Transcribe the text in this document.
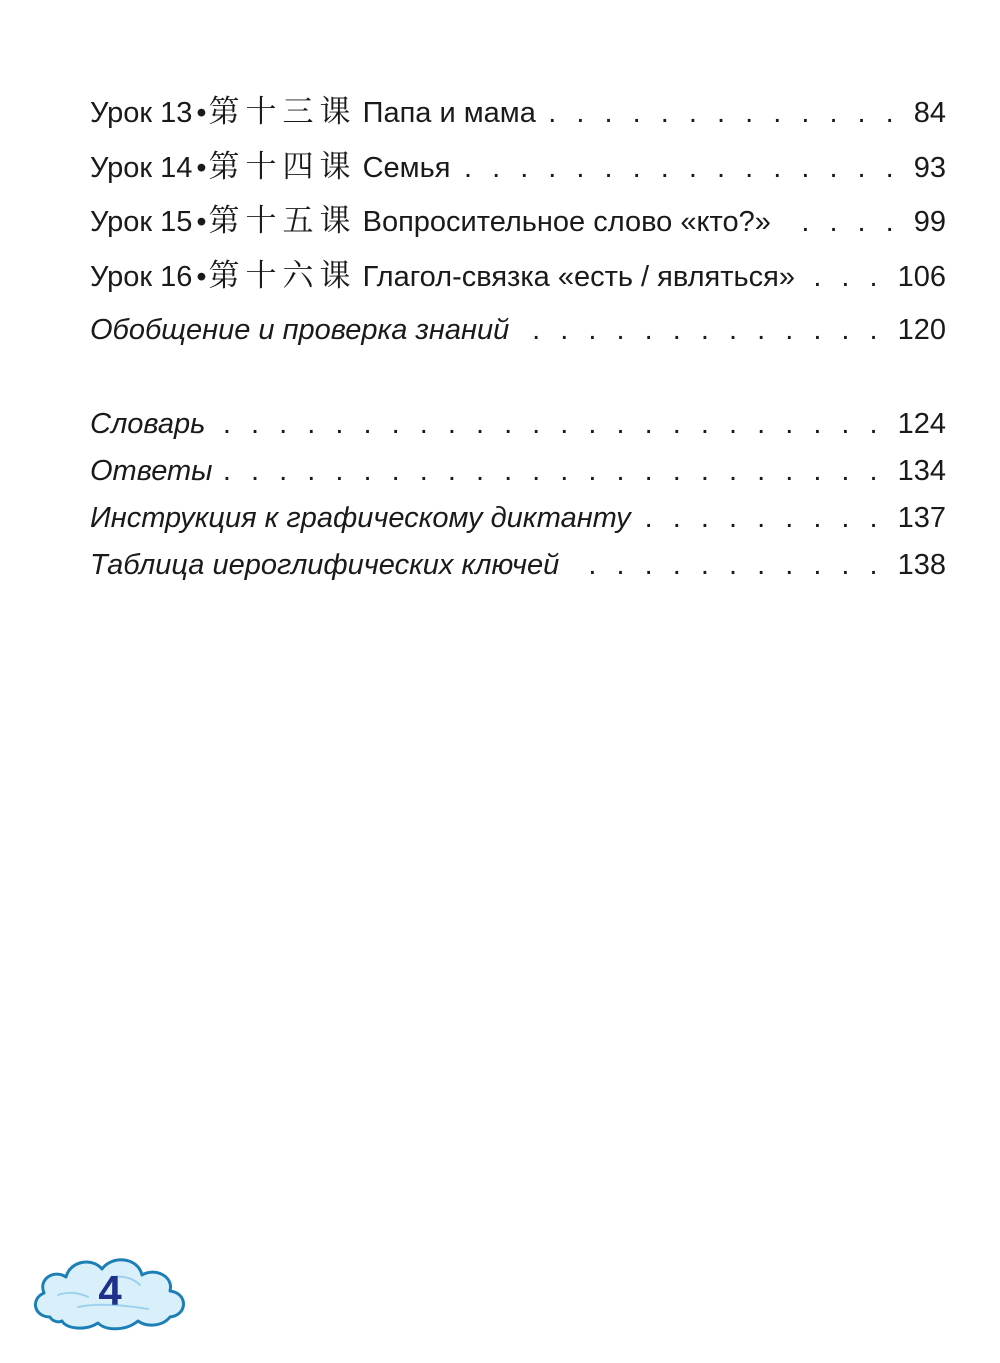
Урок 13 •第十三课 Папа и мама . . .	84
Урок 14 •第十四课 Семья . . .	93
Урок 15 •第十五课 Вопросительное слово «кто?» . . .	99
Урок 16 •第十六课 Глагол-связка «есть / являться» . . .	106
Обобщение и проверка знаний . . .	120
Словарь . . .	124
Ответы . . .	134
Инструкция к графическому диктанту . . .	137
Таблица иероглифических ключей . . .	138
4
